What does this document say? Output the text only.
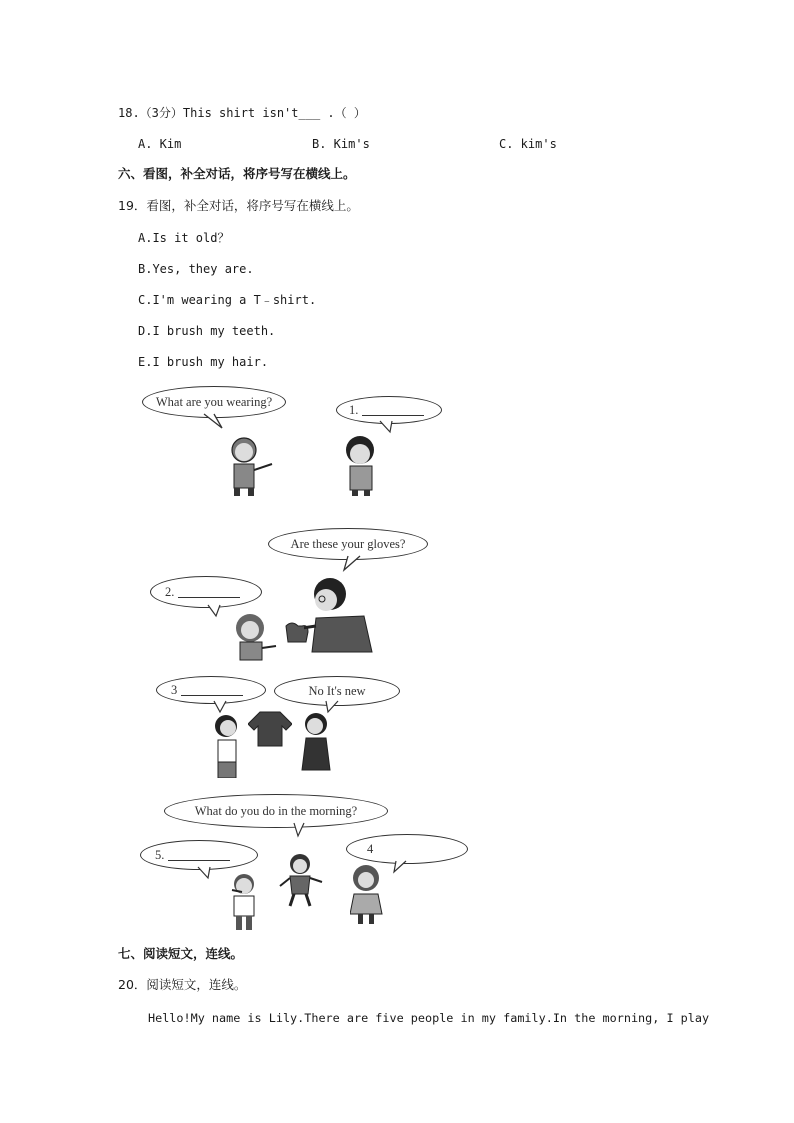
18.（3分）This shirt isn't___ .（ ）
A. Kim	B. Kim's	C. kim's
六、看图，补全对话，将序号写在横线上。
19．看图，补全对话，将序号写在横线上。
A.Is it old？
B.Yes, they are.
C.I'm wearing a T﹣shirt.
D.I brush my teeth.
E.I brush my hair.
What are you wearing?
1.
Are these your gloves?
2.
3	No It's new
What do you do in the morning?
5.	4
七、阅读短文，连线。
20．阅读短文，连线。
Hello!My name is Lily.There are five people in my family.In the morning, I play
